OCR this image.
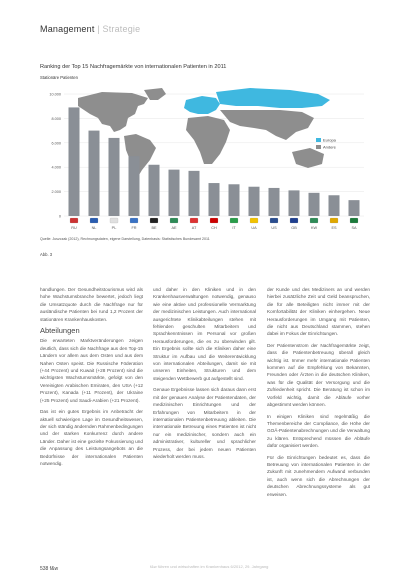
Management | Strategie
Ranking der Top 15 Nachfragemärkte von internationalen Patienten in 2011
Stationäre Patienten
10.000
8.000
6.000
4.000
2.000
0
Europa
Andere
RU	NL	PL	FR	BE	AE	AT	CH	IT	UA	US	GB	KW	ES	SA
Quelle: Juszczak (2012), Rechnungsdaten, eigene Darstellung, Datenbasis: Statistisches Bundesamt 2011
Abb. 3

handlungen. Der Gesundheitstourismus wird als hohe Wachstumsbranche bewertet, jedoch liegt die Umsatzquote durch die Nachfrage nur für ausländische Patienten bei rund 1,2 Prozent der stationären Krankenhauskosten.

Abteilungen

Die erwarteten Marktveränderungen zeigen deutlich, dass sich die Nachfrage aus den Top-15 Ländern vor allem aus dem Osten und aus dem Nahen Osten speist. Die Russische Föderation (+44 Prozent) und Kuwait (+28 Prozent) sind die wichtigsten Wachstumsmärkte, gefolgt von den Vereinigten Arabischen Emiraten, den USA (+12 Prozent), Kanada (+11 Prozent), der Ukraine (+25 Prozent) und Saudi-Arabien (+21 Prozent).

Das ist ein gutes Ergebnis im Anbetracht der aktuell schwierigen Lage im Gesundheitswesen, der sich ständig ändernden Rahmenbedingungen und der starken Konkurrenz durch andere Länder. Daher ist eine gezielte Fokussierung und die Anpassung des Leistungsangebots an die Bedürfnisse der internationalen Patienten notwendig.

und daher in den Kliniken und in den Krankenhausverwaltungen notwendig, genauso wie eine aktive und professionelle Vermarktung der medizinischen Leistungen. Auch international ausgerichtete Klinikabteilungen stehen mit fehlenden geschulten Mitarbeitern und Sprachkenntnissen im Personal vor großen Herausforderungen, die es zu überwinden gilt. Ein Ergebnis sollte sich die Kliniken daher eine Struktur im Aufbau und die Weiterentwicklung von internationalen Abteilungen, damit sie mit unseren Einheiten, Strukturen und dem steigenden Wettbewerb gut aufgestellt sind.

Genaue Ergebnisse lassen sich daraus dann erst mit der genauen Analyse der Patientendaten, der medizinischen Einrichtungen und der Erfahrungen von Mitarbeitern in der internationalen Patientenbetreuung ableiten. Die internationale Betreuung eines Patienten ist nicht nur ein medizinischer, sondern auch ein administrativer, kultureller und sprachlicher Prozess, der bei jedem neuen Patienten wiederholt werden muss.

der Kunde und des Mediziners an und werden hierbei zusätzliche Zeit und Geld beanspruchen, die für alle Beteiligten nicht immer mit der Komfortabilität der Kliniken einhergehen. Neue Herausforderungen im Umgang mit Patienten, die nicht aus Deutschland stammen, stehen dabei im Fokus der Einrichtungen.

Der Patientenstrom der Nachfragemärkte zeigt, dass die Patientenbetreuung überall gleich wichtig ist. Immer mehr internationale Patienten kommen auf die Empfehlung von Bekannten, Freunden oder Ärzten in die deutschen Kliniken, was für die Qualität der Versorgung und die Zufriedenheit spricht. Die Beratung ist schon im Vorfeld wichtig, damit die Abläufe vorher abgestimmt werden können.

In einigen Kliniken sind regelmäßig die Themenbereiche der Compliance, die Höhe der GOÄ-Patientenabrechnungen und die Verwaltung zu klären. Entsprechend müssen die Abläufe dafür organisiert werden.

Für die Einrichtungen bedeutet es, dass die Betreuung von internationalen Patienten in der Zukunft mit zunehmendem Aufwand verbunden ist, auch wenn sich die Abrechnungen der deutschen Abrechnungssysteme als gut erweisen.

538 f&w	f&w führen und wirtschaften im Krankenhaus 6/2012, 29. Jahrgang
